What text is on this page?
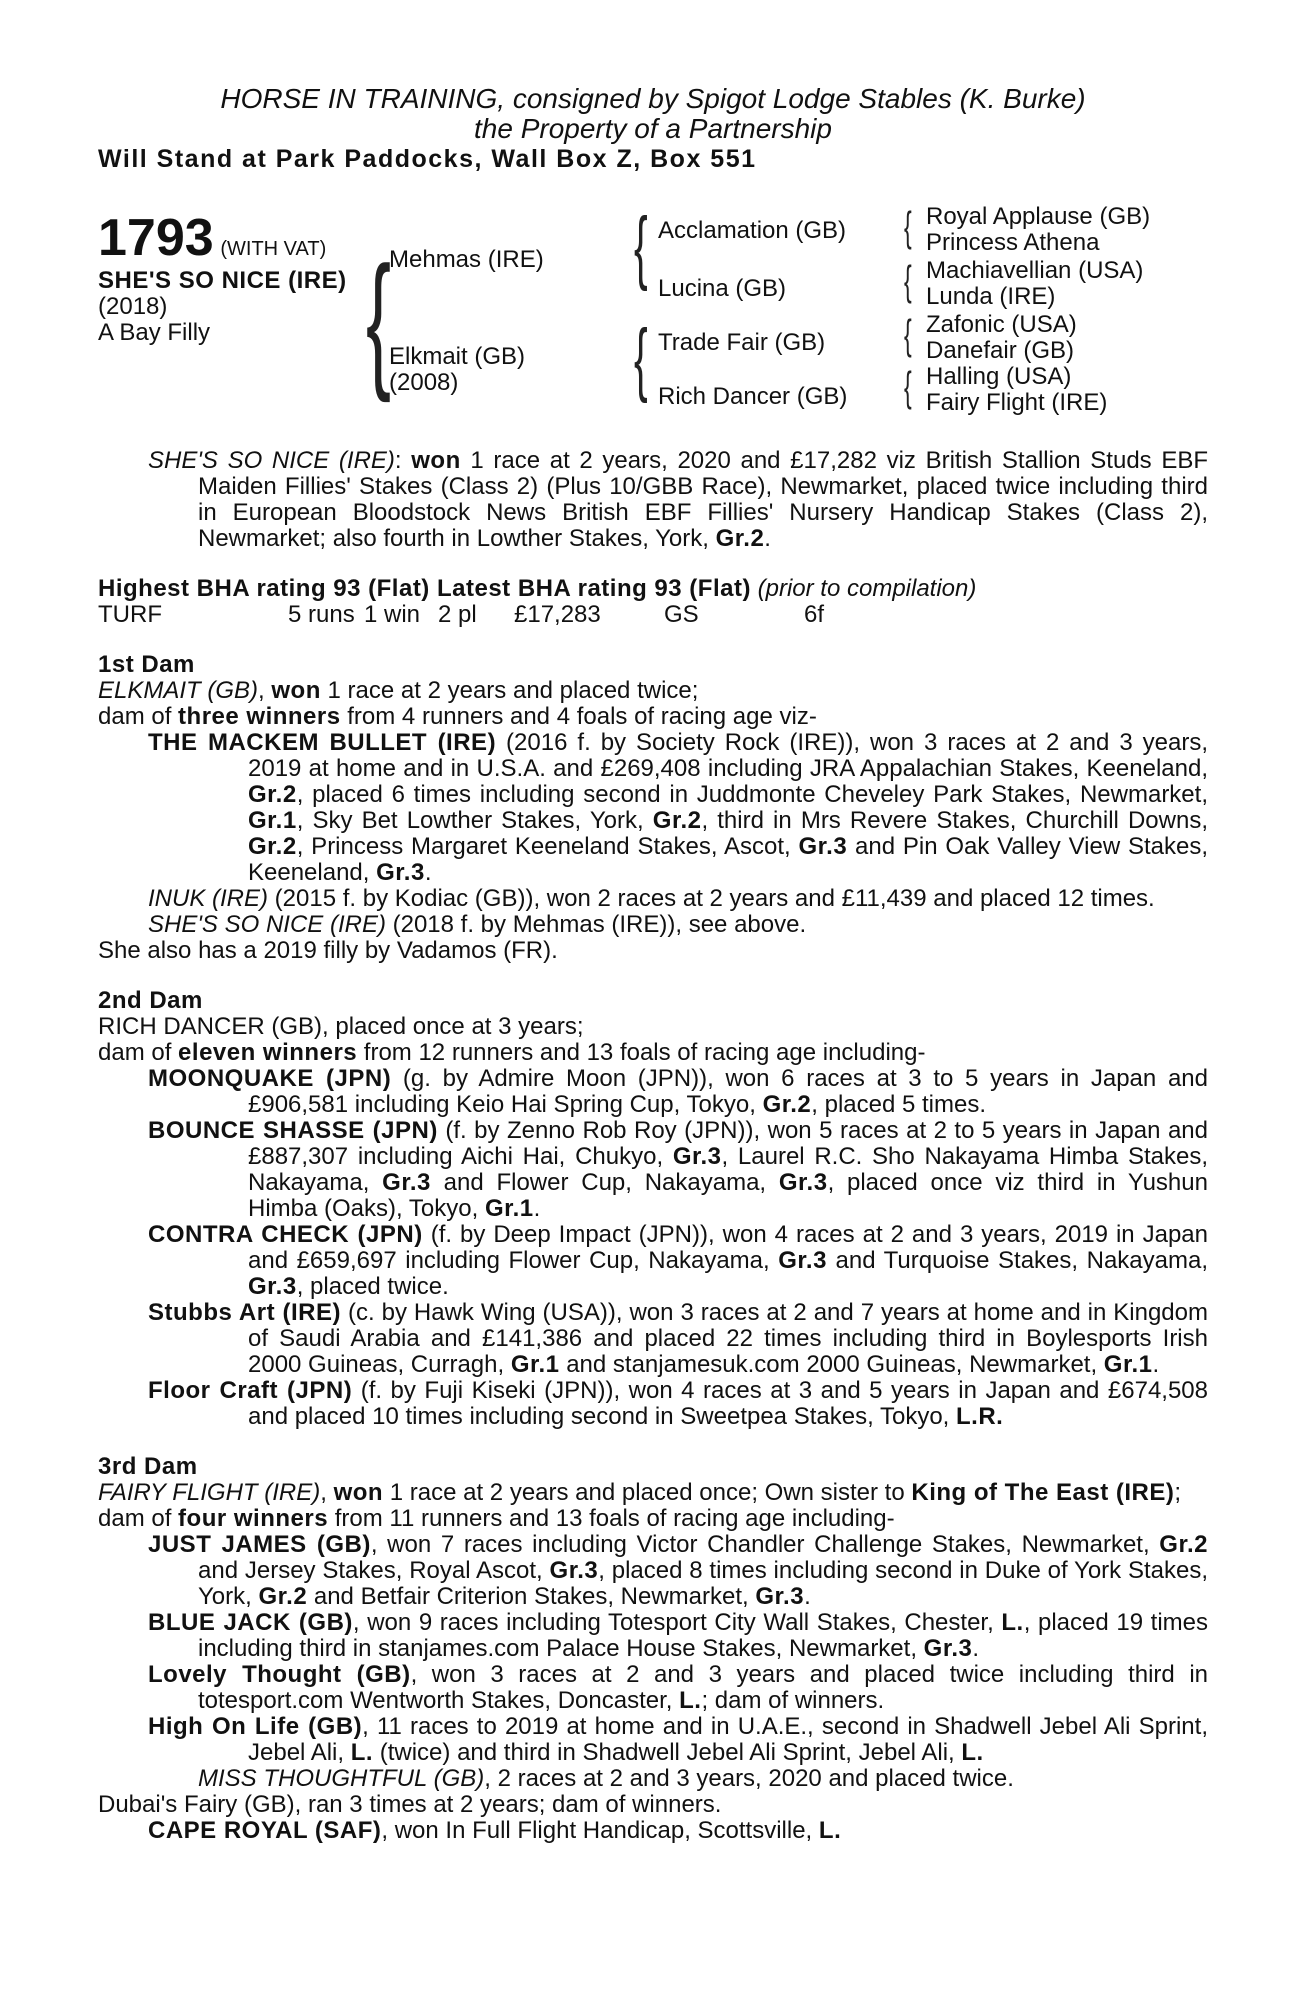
HORSE IN TRAINING, consigned by Spigot Lodge Stables (K. Burke)
the Property of a Partnership
Will Stand at Park Paddocks, Wall Box Z, Box 551
1793 (WITH VAT)
SHE'S SO NICE (IRE)
(2018)
A Bay Filly	{
Mehmas (IRE)
Elkmait (GB)
(2008)
{ Acclamation (GB)
Lucina (GB)
{ Trade Fair (GB)
Rich Dancer (GB)
{ Royal Applause (GB)
Princess Athena
{ Machiavellian (USA)
Lunda (IRE)
{ Zafonic (USA)
Danefair (GB)
{ Halling (USA)
Fairy Flight (IRE)
SHE'S SO NICE (IRE): won 1 race at 2 years, 2020 and £17,282 viz British Stallion Studs EBF Maiden Fillies' Stakes (Class 2) (Plus 10/GBB Race), Newmarket, placed twice including third in European Bloodstock News British EBF Fillies' Nursery Handicap Stakes (Class 2), Newmarket; also fourth in Lowther Stakes, York, Gr.2.
Highest BHA rating 93 (Flat) Latest BHA rating 93 (Flat) (prior to compilation)
TURF	5 runs 1 win 2 pl	£17,283	GS	6f
1st Dam
ELKMAIT (GB), won 1 race at 2 years and placed twice;
dam of three winners from 4 runners and 4 foals of racing age viz-
THE MACKEM BULLET (IRE) (2016 f. by Society Rock (IRE)), won 3 races at 2 and 3 years, 2019 at home and in U.S.A. and £269,408 including JRA Appalachian Stakes, Keeneland, Gr.2, placed 6 times including second in Juddmonte Cheveley Park Stakes, Newmarket, Gr.1, Sky Bet Lowther Stakes, York, Gr.2, third in Mrs Revere Stakes, Churchill Downs, Gr.2, Princess Margaret Keeneland Stakes, Ascot, Gr.3 and Pin Oak Valley View Stakes, Keeneland, Gr.3.
INUK (IRE) (2015 f. by Kodiac (GB)), won 2 races at 2 years and £11,439 and placed 12 times.
SHE'S SO NICE (IRE) (2018 f. by Mehmas (IRE)), see above.
She also has a 2019 filly by Vadamos (FR).
2nd Dam
RICH DANCER (GB), placed once at 3 years;
dam of eleven winners from 12 runners and 13 foals of racing age including-
MOONQUAKE (JPN) (g. by Admire Moon (JPN)), won 6 races at 3 to 5 years in Japan and £906,581 including Keio Hai Spring Cup, Tokyo, Gr.2, placed 5 times.
BOUNCE SHASSE (JPN) (f. by Zenno Rob Roy (JPN)), won 5 races at 2 to 5 years in Japan and £887,307 including Aichi Hai, Chukyo, Gr.3, Laurel R.C. Sho Nakayama Himba Stakes, Nakayama, Gr.3 and Flower Cup, Nakayama, Gr.3, placed once viz third in Yushun Himba (Oaks), Tokyo, Gr.1.
CONTRA CHECK (JPN) (f. by Deep Impact (JPN)), won 4 races at 2 and 3 years, 2019 in Japan and £659,697 including Flower Cup, Nakayama, Gr.3 and Turquoise Stakes, Nakayama, Gr.3, placed twice.
Stubbs Art (IRE) (c. by Hawk Wing (USA)), won 3 races at 2 and 7 years at home and in Kingdom of Saudi Arabia and £141,386 and placed 22 times including third in Boylesports Irish 2000 Guineas, Curragh, Gr.1 and stanjamesuk.com 2000 Guineas, Newmarket, Gr.1.
Floor Craft (JPN) (f. by Fuji Kiseki (JPN)), won 4 races at 3 and 5 years in Japan and £674,508 and placed 10 times including second in Sweetpea Stakes, Tokyo, L.R.
3rd Dam
FAIRY FLIGHT (IRE), won 1 race at 2 years and placed once; Own sister to King of The East (IRE);
dam of four winners from 11 runners and 13 foals of racing age including-
JUST JAMES (GB), won 7 races including Victor Chandler Challenge Stakes, Newmarket, Gr.2 and Jersey Stakes, Royal Ascot, Gr.3, placed 8 times including second in Duke of York Stakes, York, Gr.2 and Betfair Criterion Stakes, Newmarket, Gr.3.
BLUE JACK (GB), won 9 races including Totesport City Wall Stakes, Chester, L., placed 19 times including third in stanjames.com Palace House Stakes, Newmarket, Gr.3.
Lovely Thought (GB), won 3 races at 2 and 3 years and placed twice including third in totesport.com Wentworth Stakes, Doncaster, L.; dam of winners.
High On Life (GB), 11 races to 2019 at home and in U.A.E., second in Shadwell Jebel Ali Sprint, Jebel Ali, L. (twice) and third in Shadwell Jebel Ali Sprint, Jebel Ali, L.
MISS THOUGHTFUL (GB), 2 races at 2 and 3 years, 2020 and placed twice.
Dubai's Fairy (GB), ran 3 times at 2 years; dam of winners.
CAPE ROYAL (SAF), won In Full Flight Handicap, Scottsville, L.
